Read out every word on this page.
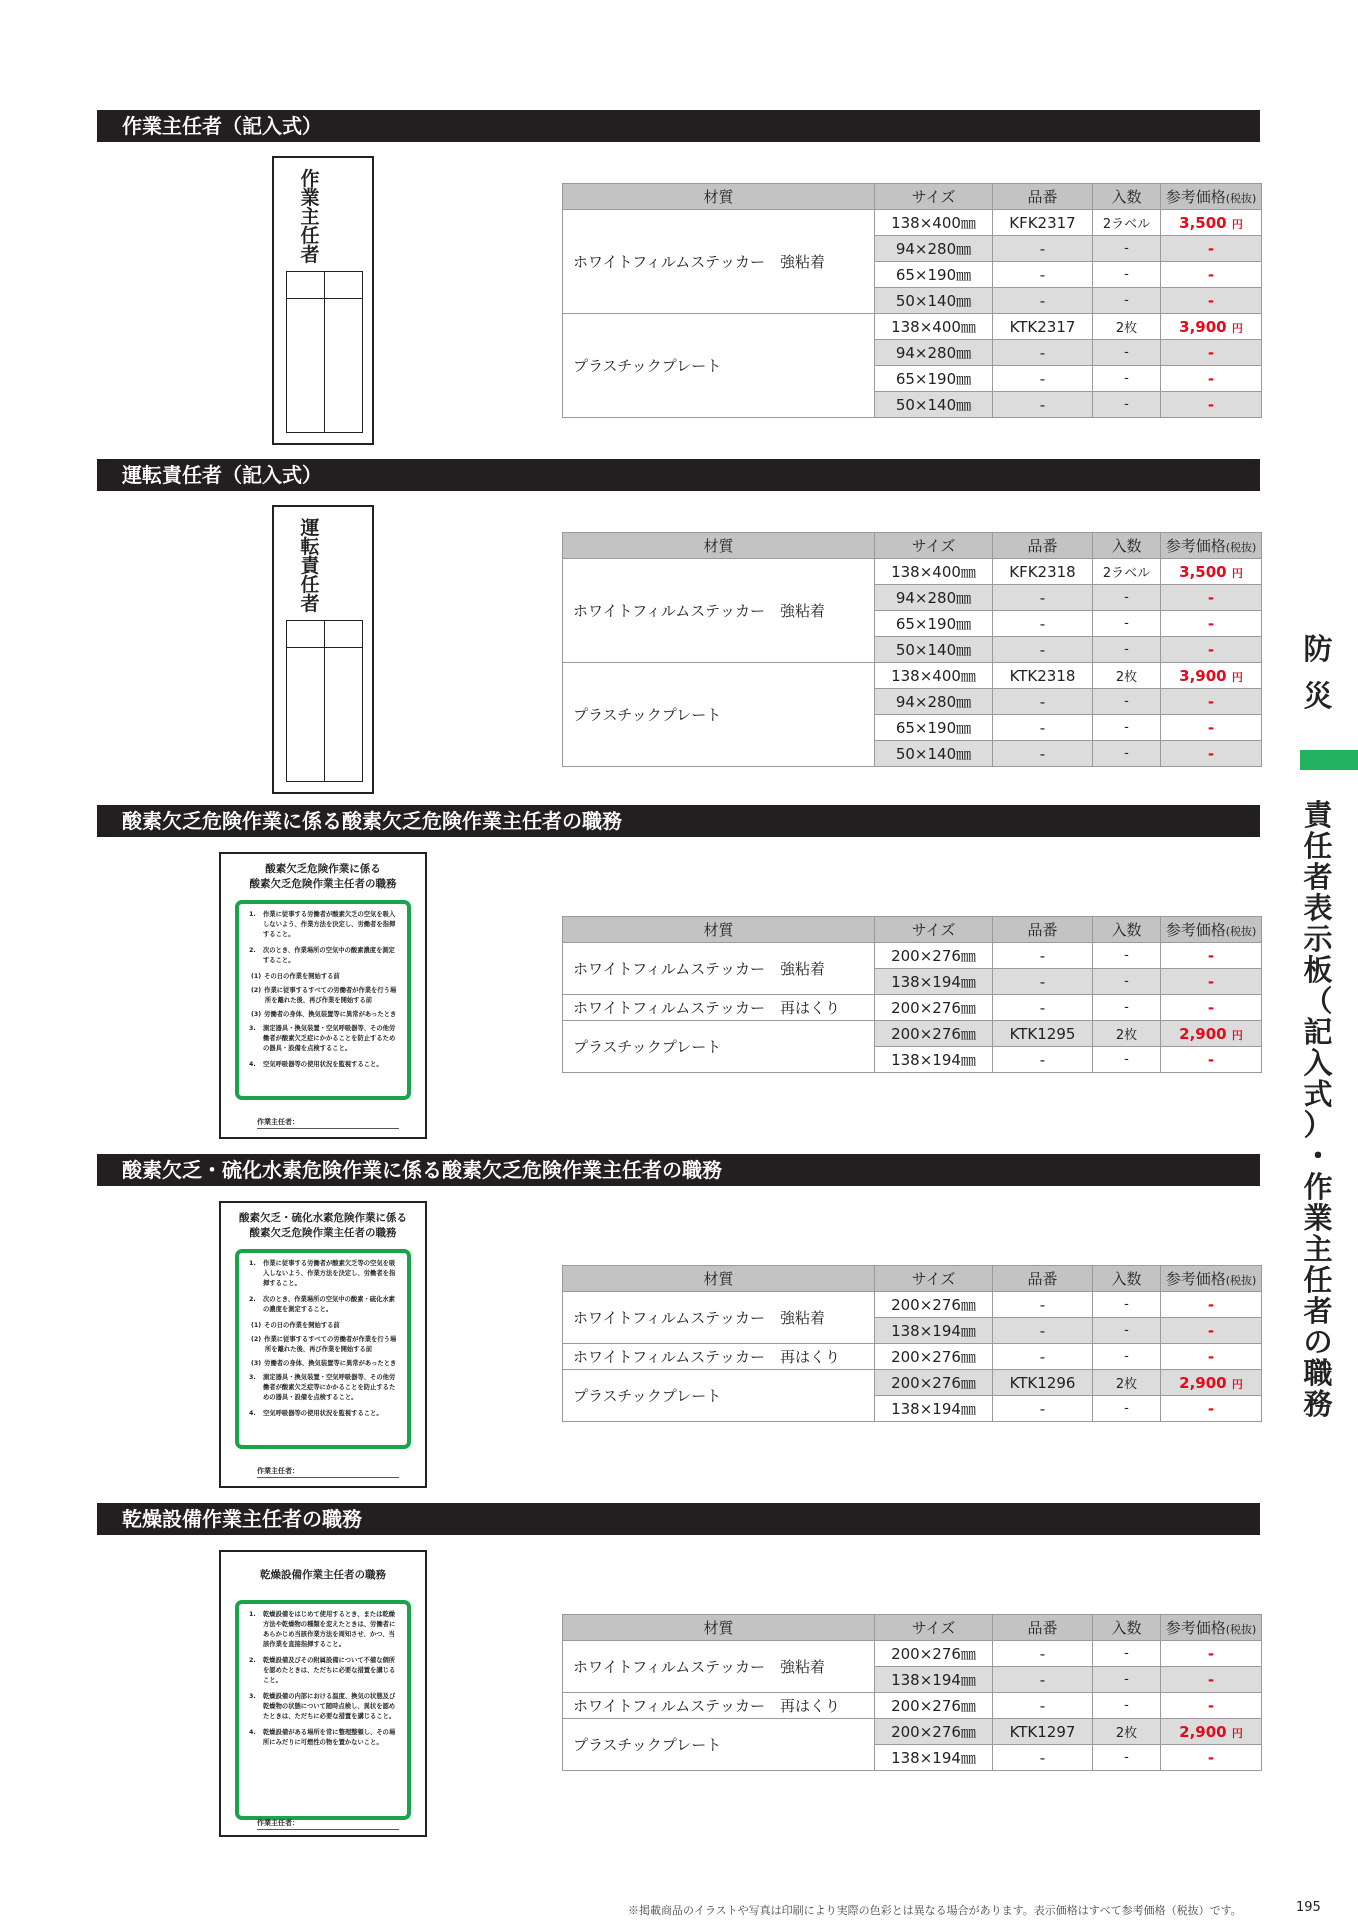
作業主任者（記入式）
運転責任者（記入式）
酸素欠乏危険作業に係る酸素欠乏危険作業主任者の職務
酸素欠乏・硫化水素危険作業に係る酸素欠乏危険作業主任者の職務
乾燥設備作業主任者の職務
作
業
主
任
者
運
転
責
任
者
酸素欠乏危険作業に係る
酸素欠乏危険作業主任者の職務
1. 作業に従事する労働者が酸素欠乏の空気を吸入しないよう、作業方法を決定し、労働者を指揮すること。
2. 次のとき、作業場所の空気中の酸素濃度を測定すること。
(1) その日の作業を開始する前
(2) 作業に従事するすべての労働者が作業を行う場所を離れた後、再び作業を開始する前
(3) 労働者の身体、換気装置等に異常があったとき
3. 測定器具・換気装置・空気呼吸器等、その他労働者が酸素欠乏症にかかることを防止するための器具・設備を点検すること。
4. 空気呼吸器等の使用状況を監視すること。
作業主任者：
酸素欠乏・硫化水素危険作業に係る
酸素欠乏危険作業主任者の職務
1. 作業に従事する労働者が酸素欠乏等の空気を吸入しないよう、作業方法を決定し、労働者を指揮すること。
2. 次のとき、作業場所の空気中の酸素・硫化水素の濃度を測定すること。
(1) その日の作業を開始する前
(2) 作業に従事するすべての労働者が作業を行う場所を離れた後、再び作業を開始する前
(3) 労働者の身体、換気装置等に異常があったとき
3. 測定器具・換気装置・空気呼吸器等、その他労働者が酸素欠乏症等にかかることを防止するための器具・設備を点検すること。
4. 空気呼吸器等の使用状況を監視すること。
作業主任者：
乾燥設備作業主任者の職務
1. 乾燥設備をはじめて使用するとき、または乾燥方法や乾燥物の種類を変えたときは、労働者にあらかじめ当該作業方法を周知させ、かつ、当該作業を直接指揮すること。
2. 乾燥設備及びその附属設備について不備な個所を認めたときは、ただちに必要な措置を講じること。
3. 乾燥設備の内部における温度、換気の状態及び乾燥物の状態について随時点検し、異状を認めたときは、ただちに必要な措置を講じること。
4. 乾燥設備がある場所を常に整理整頓し、その場所にみだりに可燃性の物を置かないこと。
作業主任者：
材質	サイズ	品番	入数	参考価格(税抜)
ホワイトフィルムステッカー　強粘着	138×400㎜	KFK2317	2ラベル	3,500 円
	94×280㎜	-	-	-
	65×190㎜	-	-	-
	50×140㎜	-	-	-
プラスチックプレート	138×400㎜	KTK2317	2枚	3,900 円
	94×280㎜	-	-	-
	65×190㎜	-	-	-
	50×140㎜	-	-	-
材質	サイズ	品番	入数	参考価格(税抜)
ホワイトフィルムステッカー　強粘着	138×400㎜	KFK2318	2ラベル	3,500 円
	94×280㎜	-	-	-
	65×190㎜	-	-	-
	50×140㎜	-	-	-
プラスチックプレート	138×400㎜	KTK2318	2枚	3,900 円
	94×280㎜	-	-	-
	65×190㎜	-	-	-
	50×140㎜	-	-	-
材質	サイズ	品番	入数	参考価格(税抜)
ホワイトフィルムステッカー　強粘着	200×276㎜	-	-	-
	138×194㎜	-	-	-
ホワイトフィルムステッカー　再はくり	200×276㎜	-	-	-
プラスチックプレート	200×276㎜	KTK1295	2枚	2,900 円
	138×194㎜	-	-	-
材質	サイズ	品番	入数	参考価格(税抜)
ホワイトフィルムステッカー　強粘着	200×276㎜	-	-	-
	138×194㎜	-	-	-
ホワイトフィルムステッカー　再はくり	200×276㎜	-	-	-
プラスチックプレート	200×276㎜	KTK1296	2枚	2,900 円
	138×194㎜	-	-	-
材質	サイズ	品番	入数	参考価格(税抜)
ホワイトフィルムステッカー　強粘着	200×276㎜	-	-	-
	138×194㎜	-	-	-
ホワイトフィルムステッカー　再はくり	200×276㎜	-	-	-
プラスチックプレート	200×276㎜	KTK1297	2枚	2,900 円
	138×194㎜	-	-	-
防
災
責
任
者
表
示
板
（
記
入
式
）
・
作
業
主
任
者
の
職
務
※掲載商品のイラストや写真は印刷により実際の色彩とは異なる場合があります。表示価格はすべて参考価格（税抜）です。	195
